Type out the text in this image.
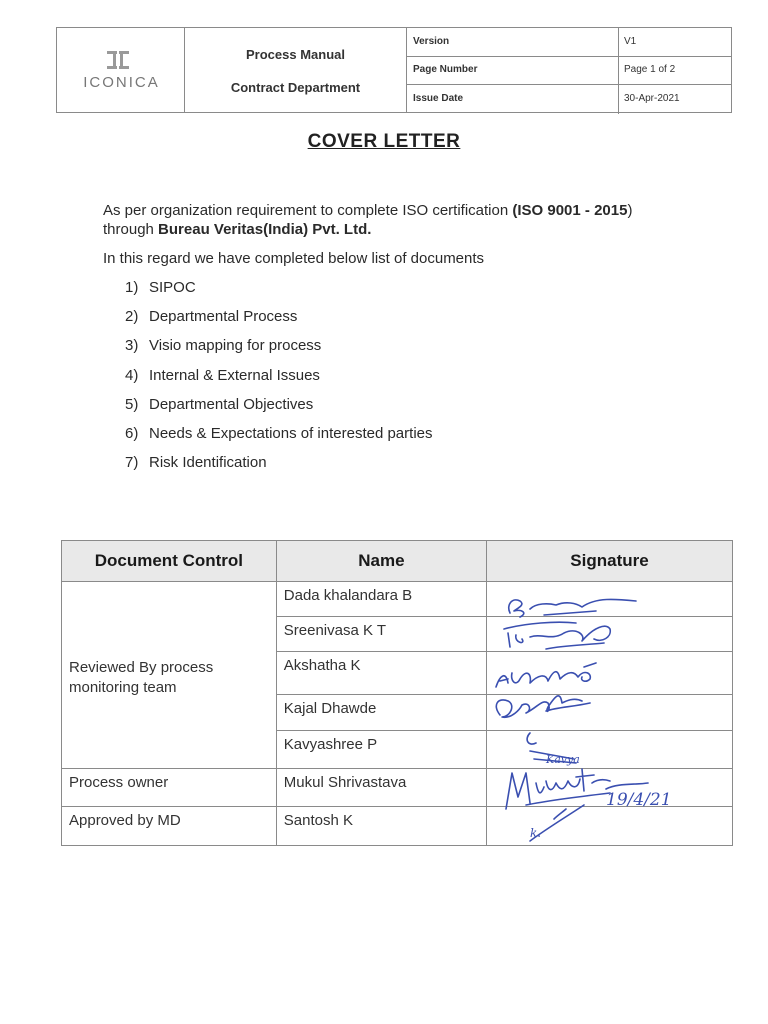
ICONICA
Process Manual
Contract Department
Version	V1
Page Number	Page 1 of 2
Issue Date	30-Apr-2021
COVER LETTER
As per organization requirement to complete ISO certification (ISO 9001 - 2015) through Bureau Veritas(India) Pvt. Ltd.
In this regard we have completed below list of documents
1) SIPOC
2) Departmental Process
3) Visio mapping for process
4) Internal & External Issues
5) Departmental Objectives
6) Needs & Expectations of interested parties
7) Risk Identification
Document Control	Name	Signature

Reviewed By process monitoring team	Dada khalandara B	
	Sreenivasa K T	
	Akshatha K	
	Kajal Dhawde	
	Kavyashree P	
Process owner	Mukul Shrivastava	
Approved by MD	Santosh K	
Kavya
19/4/21
k.
